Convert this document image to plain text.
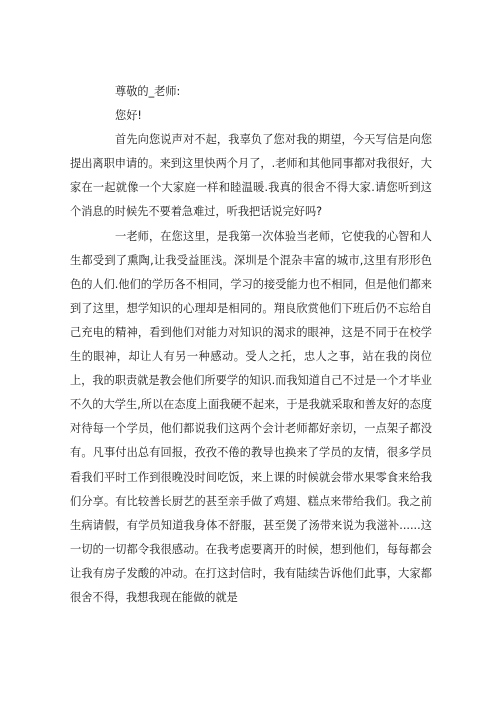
尊敬的_老师:

您好!

首先向您说声对不起，我辜负了您对我的期望，今天写信是向您提出离职申请的。来到这里快两个月了，.老师和其他同事都对我很好，大家在一起就像一个大家庭一样和睦温暖.我真的很舍不得大家.请您听到这个消息的时候先不要着急难过，听我把话说完好吗?

一老师，在您这里，是我第一次体验当老师，它使我的心智和人生都受到了熏陶,让我受益匪浅。深圳是个混杂丰富的城市,这里有形形色色的人们.他们的学历各不相同，学习的接受能力也不相同，但是他们都来到了这里，想学知识的心理却是相同的。翔良欣赏他们下班后仍不忘给自己充电的精神，看到他们对能力对知识的渴求的眼神，这是不同于在校学生的眼神，却让人有另一种感动。受人之托，忠人之事，站在我的岗位上，我的职责就是教会他们所要学的知识.而我知道自己不过是一个才毕业不久的大学生,所以在态度上面我硬不起来，于是我就采取和善友好的态度对待每一个学员，他们都说我们这两个会计老师都好亲切，一点架子都没有。凡事付出总有回报，孜孜不倦的教导也换来了学员的友情，很多学员看我们平时工作到很晚没时间吃饭，来上课的时候就会带水果零食来给我们分享。有比较善长厨艺的甚至亲手做了鸡翅、糕点来带给我们。我之前生病请假，有学员知道我身体不舒服，甚至煲了汤带来说为我滋补......这一切的一切都令我很感动。在我考虑要离开的时候，想到他们，每每都会让我有房子发酸的冲动。在打这封信时，我有陆续告诉他们此事，大家都很舍不得，我想我现在能做的就是
